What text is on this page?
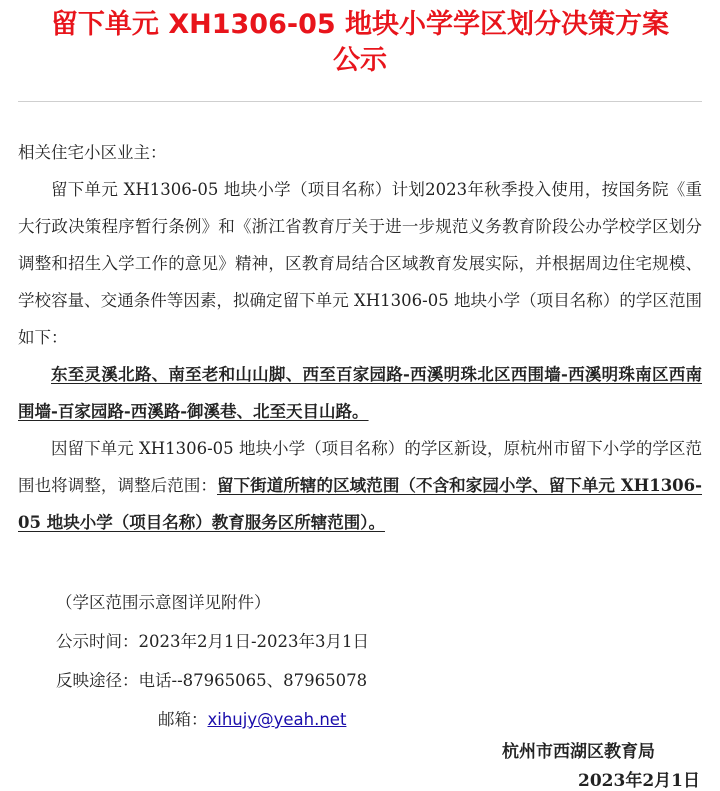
留下单元 XH1306-05 地块小学学区划分决策方案
公示

相关住宅小区业主：

留下单元 XH1306-05 地块小学（项目名称）计划2023年秋季投入使用，按国务院《重大行政决策程序暂行条例》和《浙江省教育厅关于进一步规范义务教育阶段公办学校学区划分调整和招生入学工作的意见》精神，区教育局结合区域教育发展实际，并根据周边住宅规模、学校容量、交通条件等因素，拟确定留下单元 XH1306-05 地块小学（项目名称）的学区范围如下：

东至灵溪北路、南至老和山山脚、西至百家园路-西溪明珠北区西围墙-西溪明珠南区西南围墙-百家园路-西溪路-御溪巷、北至天目山路。

因留下单元 XH1306-05 地块小学（项目名称）的学区新设，原杭州市留下小学的学区范围也将调整，调整后范围：留下街道所辖的区域范围（不含和家园小学、留下单元 XH1306-05 地块小学（项目名称）教育服务区所辖范围）。

（学区范围示意图详见附件）
公示时间：2023年2月1日-2023年3月1日
反映途径：电话--87965065、87965078
邮箱：xihujy@yeah.net
杭州市西湖区教育局
2023年2月1日
